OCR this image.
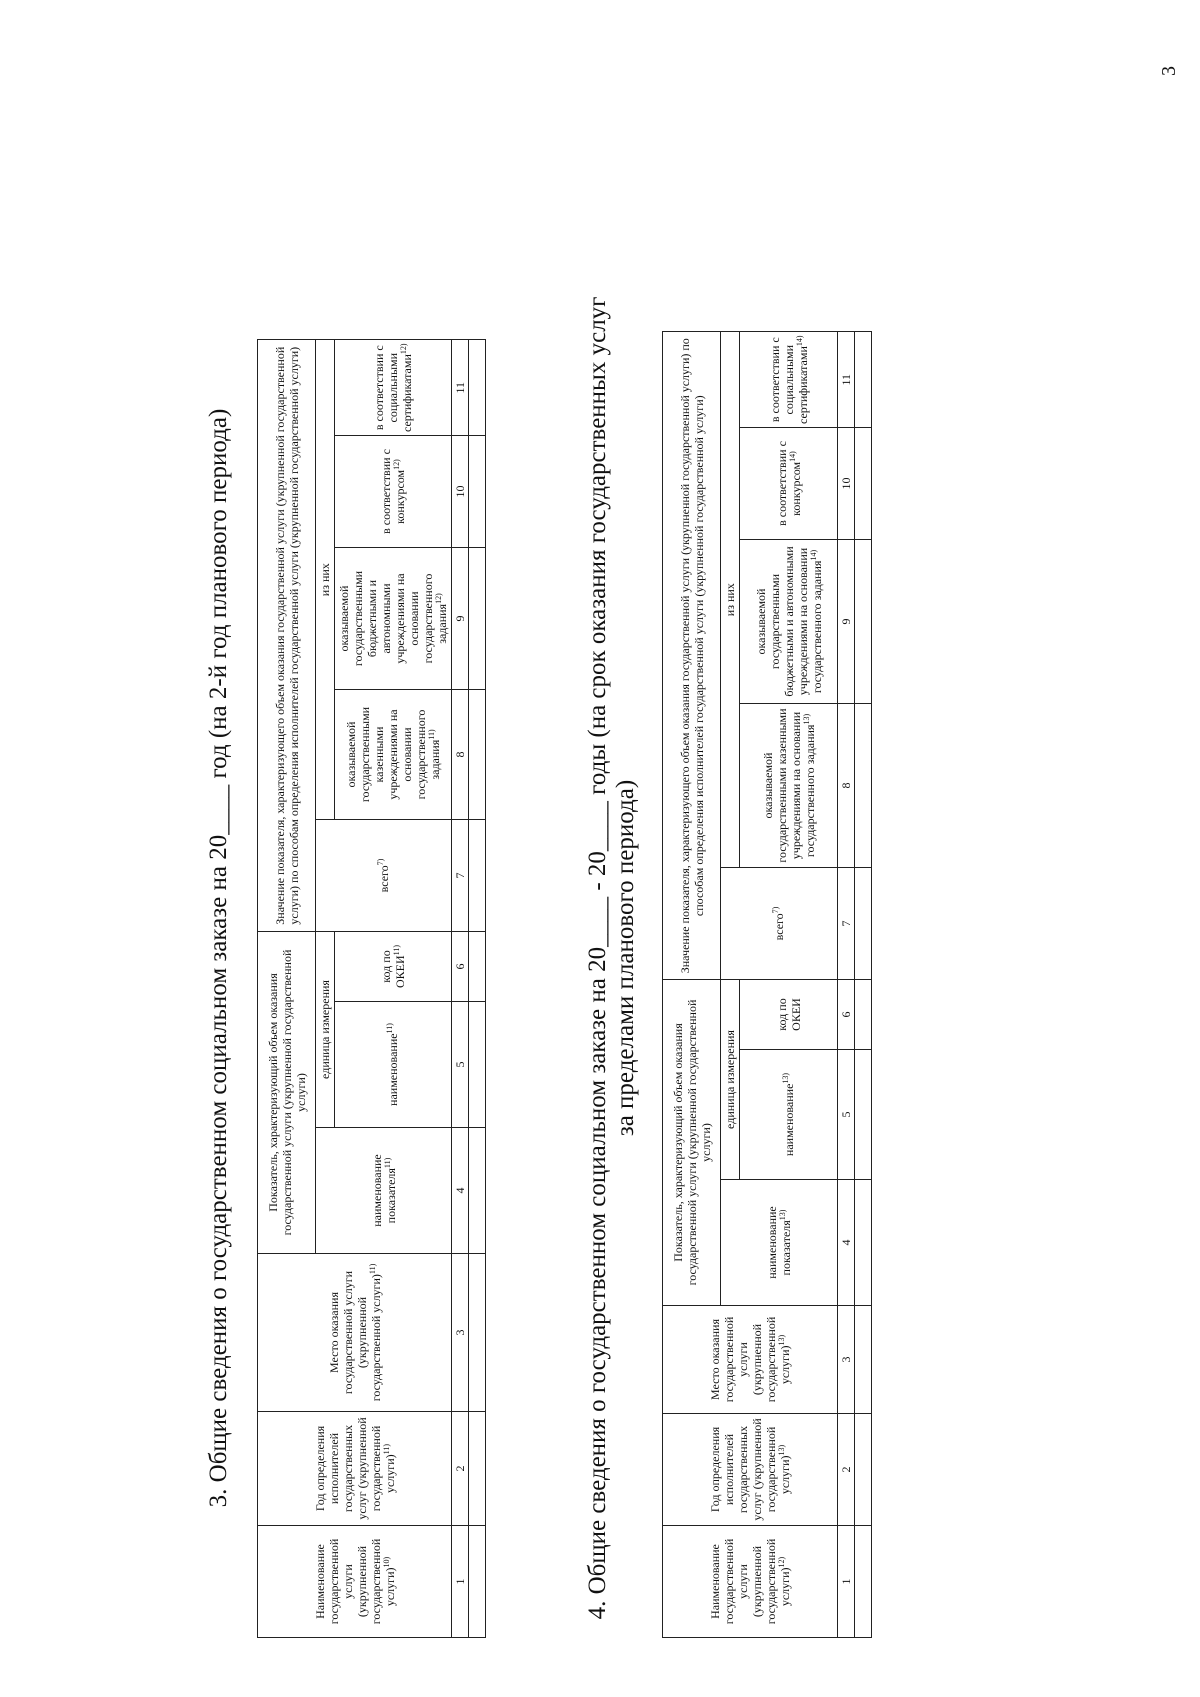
3
3. Общие сведения о государственном социальном заказе на 20____ год (на 2-й год планового периода)
Наименование государственной услуги (укрупненной государственной услуги)$^{10)}$	Год определения исполнителей государственных услуг (укрупненной государственной услуги)$^{11)}$	Место оказания государственной услуги (укрупненной государственной услуги)$^{11)}$	Показатель, характеризующий объем оказания государственной услуги (укрупненной государственной услуги)			Значение показателя, характеризующего объем оказания государственной услуги (укрупненной государственной услуги) по способам определения исполнителей государственной услуги (укрупненной государственной услуги)				
			наименование показателя$^{11)}$	единица измерения		всего$^{7)}$	из них			
				наименование$^{11)}$	код по ОКЕИ$^{11)}$		оказываемой государственными казенными учреждениями на основании государственного задания$^{11)}$	оказываемой государственными бюджетными и автономными учреждениями на основании государственного задания$^{12)}$	в соответствии с конкурсом$^{12)}$	в соответствии с социальными сертификатами$^{12)}$
1	2	3	4	5	6	7	8	9	10	11
											4. Общие сведения о государственном социальном заказе на 20____ - 20____ годы (на срок оказания государственных услуг за пределами планового периода)
Наименование государственной услуги (укрупненной государственной услуги)$^{12)}$	Год определения исполнителей государственных услуг (укрупненной государственной услуги)$^{13)}$	Место оказания государственной услуги (укрупненной государственной услуги)$^{13)}$	Показатель, характеризующий объем оказания государственной услуги (укрупненной государственной услуги)			Значение показателя, характеризующего объем оказания государственной услуги (укрупненной государственной услуги) по способам определения исполнителей государственной услуги (укрупненной государственной услуги)				
			наименование показателя$^{13)}$	единица измерения		всего$^{7)}$	из них			
				наименование$^{13)}$	код по ОКЕИ		оказываемой государственными казенными учреждениями на основании государственного задания$^{13)}$	оказываемой государственными бюджетными и автономными учреждениями на основании государственного задания$^{14)}$	в соответствии с конкурсом$^{14)}$	в соответствии с социальными сертификатами$^{14)}$
1	2	3	4	5	6	7	8	9	10	11
